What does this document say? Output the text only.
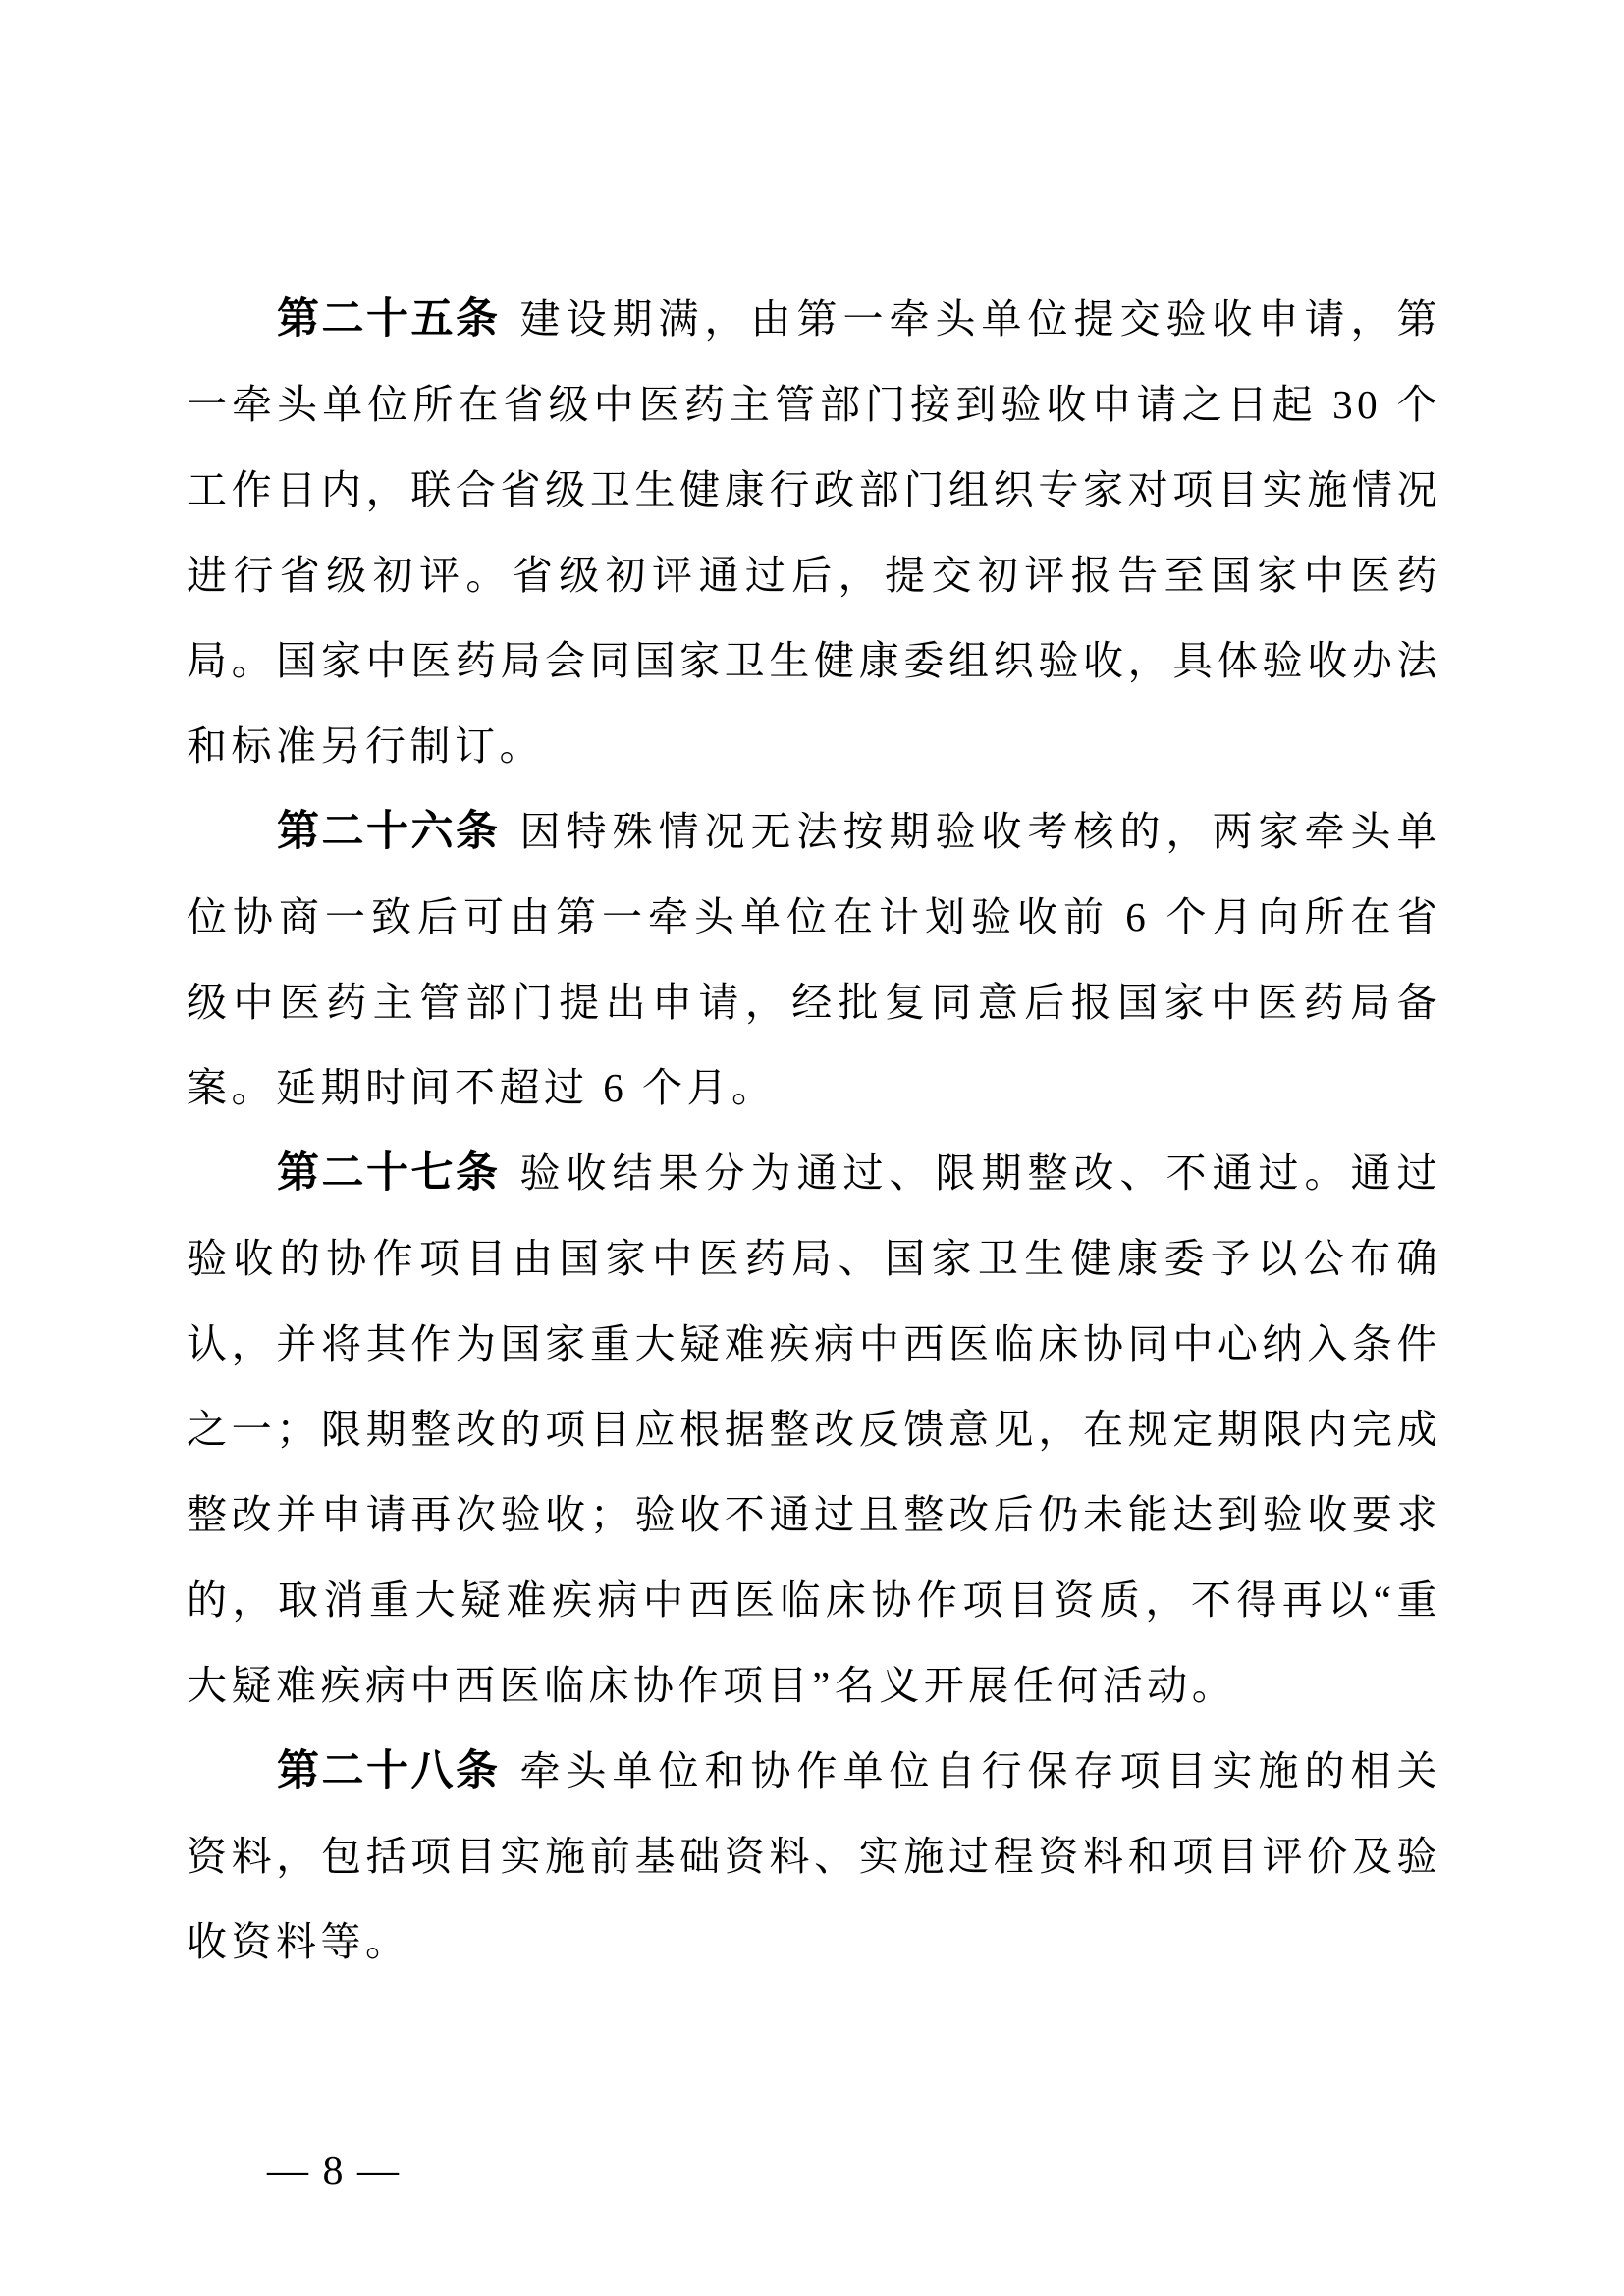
第二十五条 建设期满，由第一牵头单位提交验收申请，第一牵头单位所在省级中医药主管部门接到验收申请之日起 30 个工作日内，联合省级卫生健康行政部门组织专家对项目实施情况进行省级初评。省级初评通过后，提交初评报告至国家中医药局。国家中医药局会同国家卫生健康委组织验收，具体验收办法和标准另行制订。

第二十六条 因特殊情况无法按期验收考核的，两家牵头单位协商一致后可由第一牵头单位在计划验收前 6 个月向所在省级中医药主管部门提出申请，经批复同意后报国家中医药局备案。延期时间不超过 6 个月。

第二十七条 验收结果分为通过、限期整改、不通过。通过验收的协作项目由国家中医药局、国家卫生健康委予以公布确认，并将其作为国家重大疑难疾病中西医临床协同中心纳入条件之一；限期整改的项目应根据整改反馈意见，在规定期限内完成整改并申请再次验收；验收不通过且整改后仍未能达到验收要求的，取消重大疑难疾病中西医临床协作项目资质，不得再以“重大疑难疾病中西医临床协作项目”名义开展任何活动。

第二十八条 牵头单位和协作单位自行保存项目实施的相关资料，包括项目实施前基础资料、实施过程资料和项目评价及验收资料等。

— 8 —
